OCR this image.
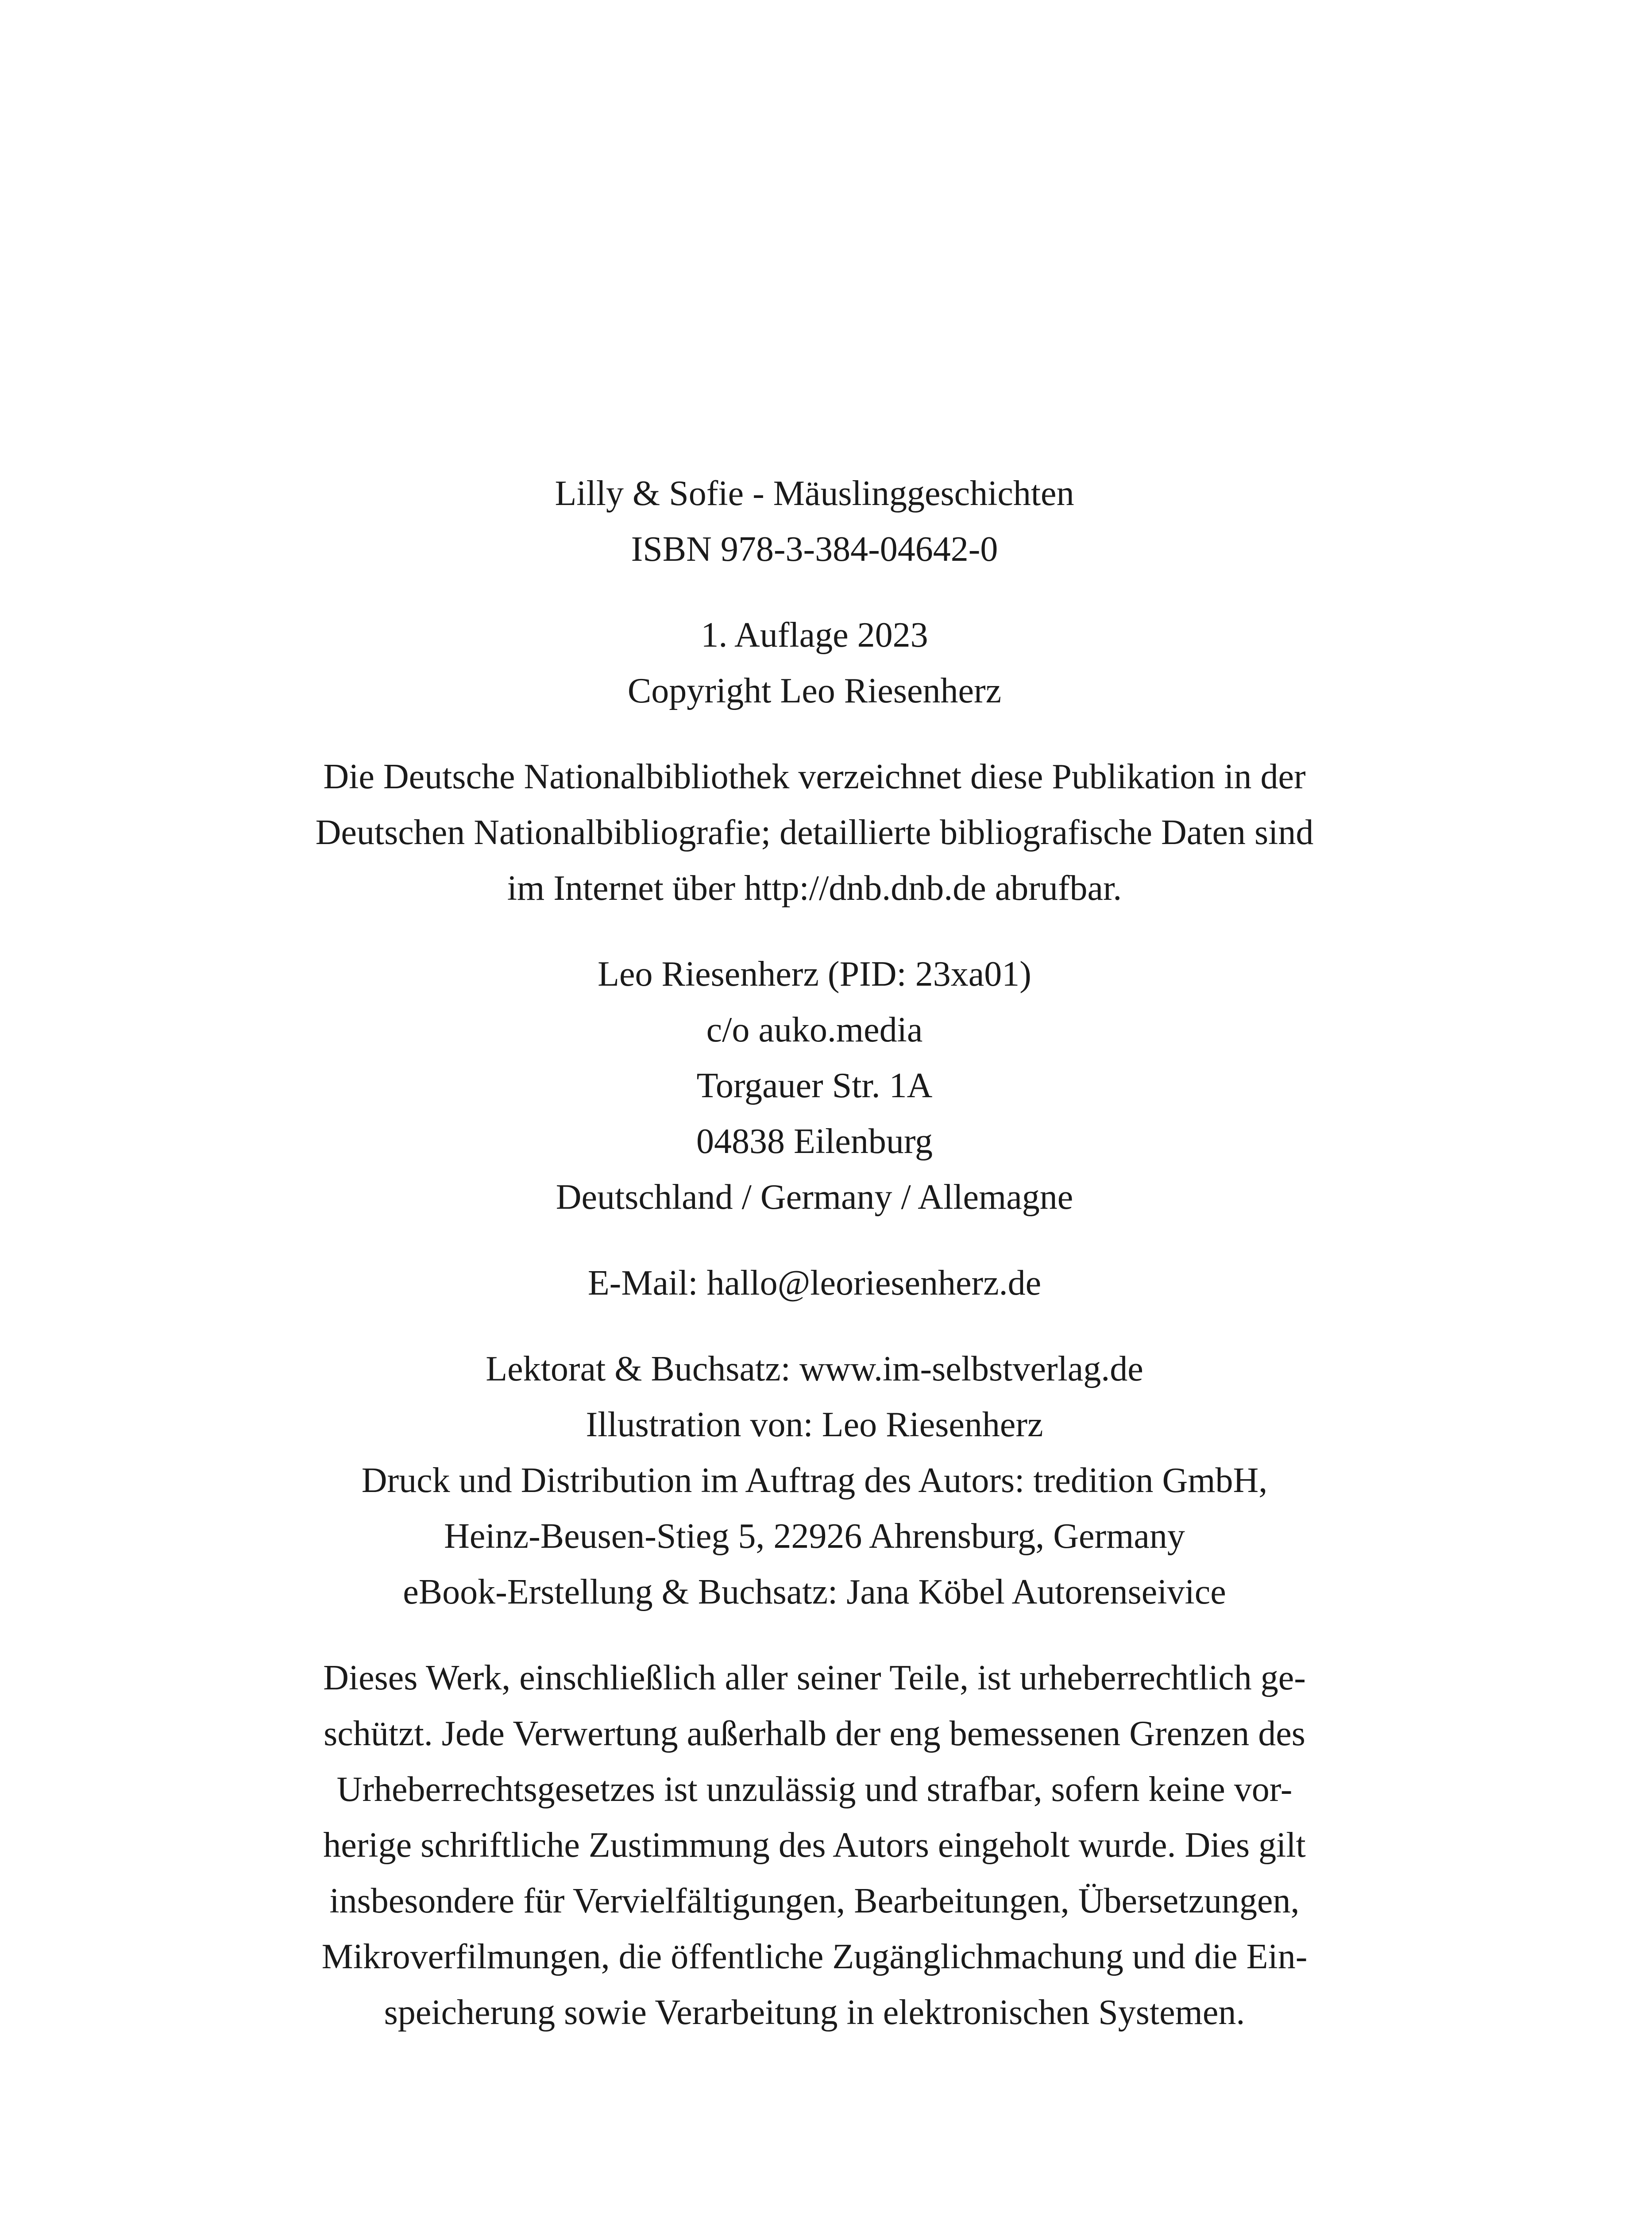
Lilly & Sofie - Mäuslinggeschichten
ISBN 978-3-384-04642-0
1. Auflage 2023
Copyright Leo Riesenherz
Die Deutsche Nationalbibliothek verzeichnet diese Publikation in der
Deutschen Nationalbibliografie; detaillierte bibliografische Daten sind
im Internet über http://dnb.dnb.de abrufbar.
Leo Riesenherz (PID: 23xa01)
c/o auko.media
Torgauer Str. 1A
04838 Eilenburg
Deutschland / Germany / Allemagne
E-Mail: hallo@leoriesenherz.de
Lektorat & Buchsatz: www.im-selbstverlag.de
Illustration von: Leo Riesenherz
Druck und Distribution im Auftrag des Autors: tredition GmbH,
Heinz-Beusen-Stieg 5, 22926 Ahrensburg, Germany
eBook-Erstellung & Buchsatz: Jana Köbel Autorenseivice
Dieses Werk, einschließlich aller seiner Teile, ist urheberrechtlich ge-
schützt. Jede Verwertung außerhalb der eng bemessenen Grenzen des
Urheberrechtsgesetzes ist unzulässig und strafbar, sofern keine vor-
herige schriftliche Zustimmung des Autors eingeholt wurde. Dies gilt
insbesondere für Vervielfältigungen, Bearbeitungen, Übersetzungen,
Mikroverfilmungen, die öffentliche Zugänglichmachung und die Ein-
speicherung sowie Verarbeitung in elektronischen Systemen.
